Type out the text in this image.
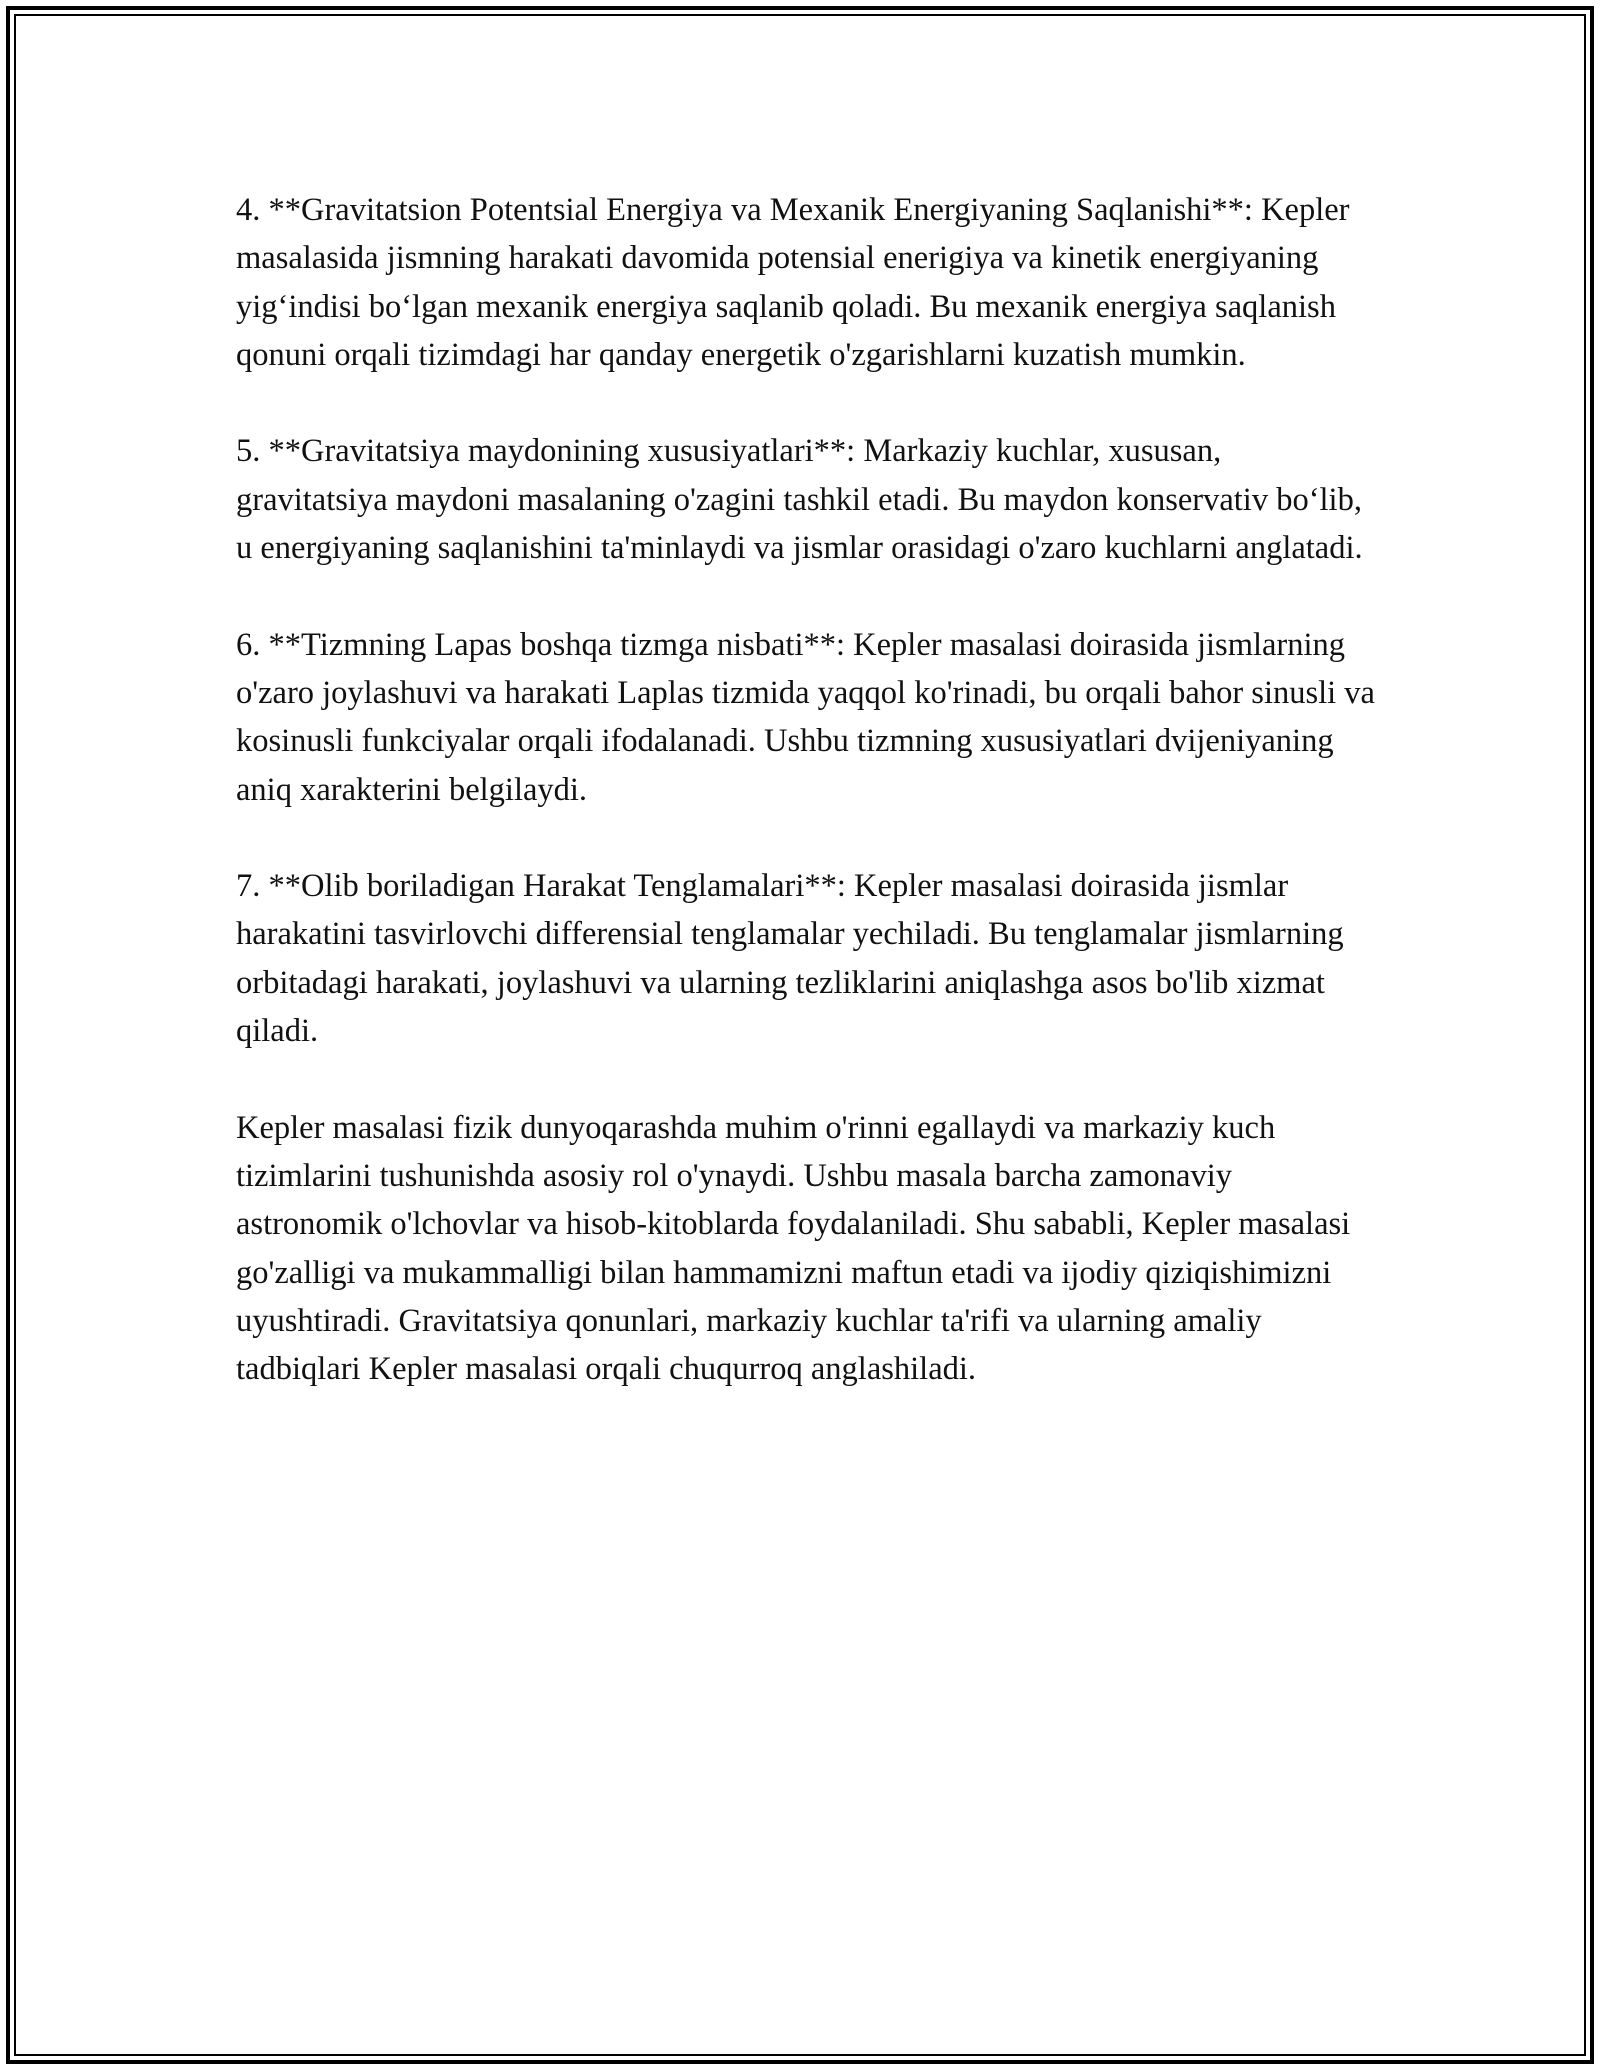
4. **Gravitatsion Potentsial Energiya va Mexanik Energiyaning Saqlanishi**: Kepler masalasida jismning harakati davomida potensial enerigiya va kinetik energiyaning yig‘indisi bo‘lgan mexanik energiya saqlanib qoladi. Bu mexanik energiya saqlanish qonuni orqali tizimdagi har qanday energetik o'zgarishlarni kuzatish mumkin.

5. **Gravitatsiya maydonining xususiyatlari**: Markaziy kuchlar, xususan, gravitatsiya maydoni masalaning o'zagini tashkil etadi. Bu maydon konservativ bo‘lib, u energiyaning saqlanishini ta'minlaydi va jismlar orasidagi o'zaro kuchlarni anglatadi.

6. **Tizmning Lapas boshqa tizmga nisbati**: Kepler masalasi doirasida jismlarning o'zaro joylashuvi va harakati Laplas tizmida yaqqol ko'rinadi, bu orqali bahor sinusli va kosinusli funkciyalar orqali ifodalanadi. Ushbu tizmning xususiyatlari dvijeniyaning aniq xarakterini belgilaydi.

7. **Olib boriladigan Harakat Tenglamalari**: Kepler masalasi doirasida jismlar harakatini tasvirlovchi differensial tenglamalar yechiladi. Bu tenglamalar jismlarning orbitadagi harakati, joylashuvi va ularning tezliklarini aniqlashga asos bo'lib xizmat qiladi.

Kepler masalasi fizik dunyoqarashda muhim o'rinni egallaydi va markaziy kuch tizimlarini tushunishda asosiy rol o'ynaydi. Ushbu masala barcha zamonaviy astronomik o'lchovlar va hisob-kitoblarda foydalaniladi. Shu sababli, Kepler masalasi go'zalligi va mukammalligi bilan hammamizni maftun etadi va ijodiy qiziqishimizni uyushtiradi. Gravitatsiya qonunlari, markaziy kuchlar ta'rifi va ularning amaliy tadbiqlari Kepler masalasi orqali chuqurroq anglashiladi.
